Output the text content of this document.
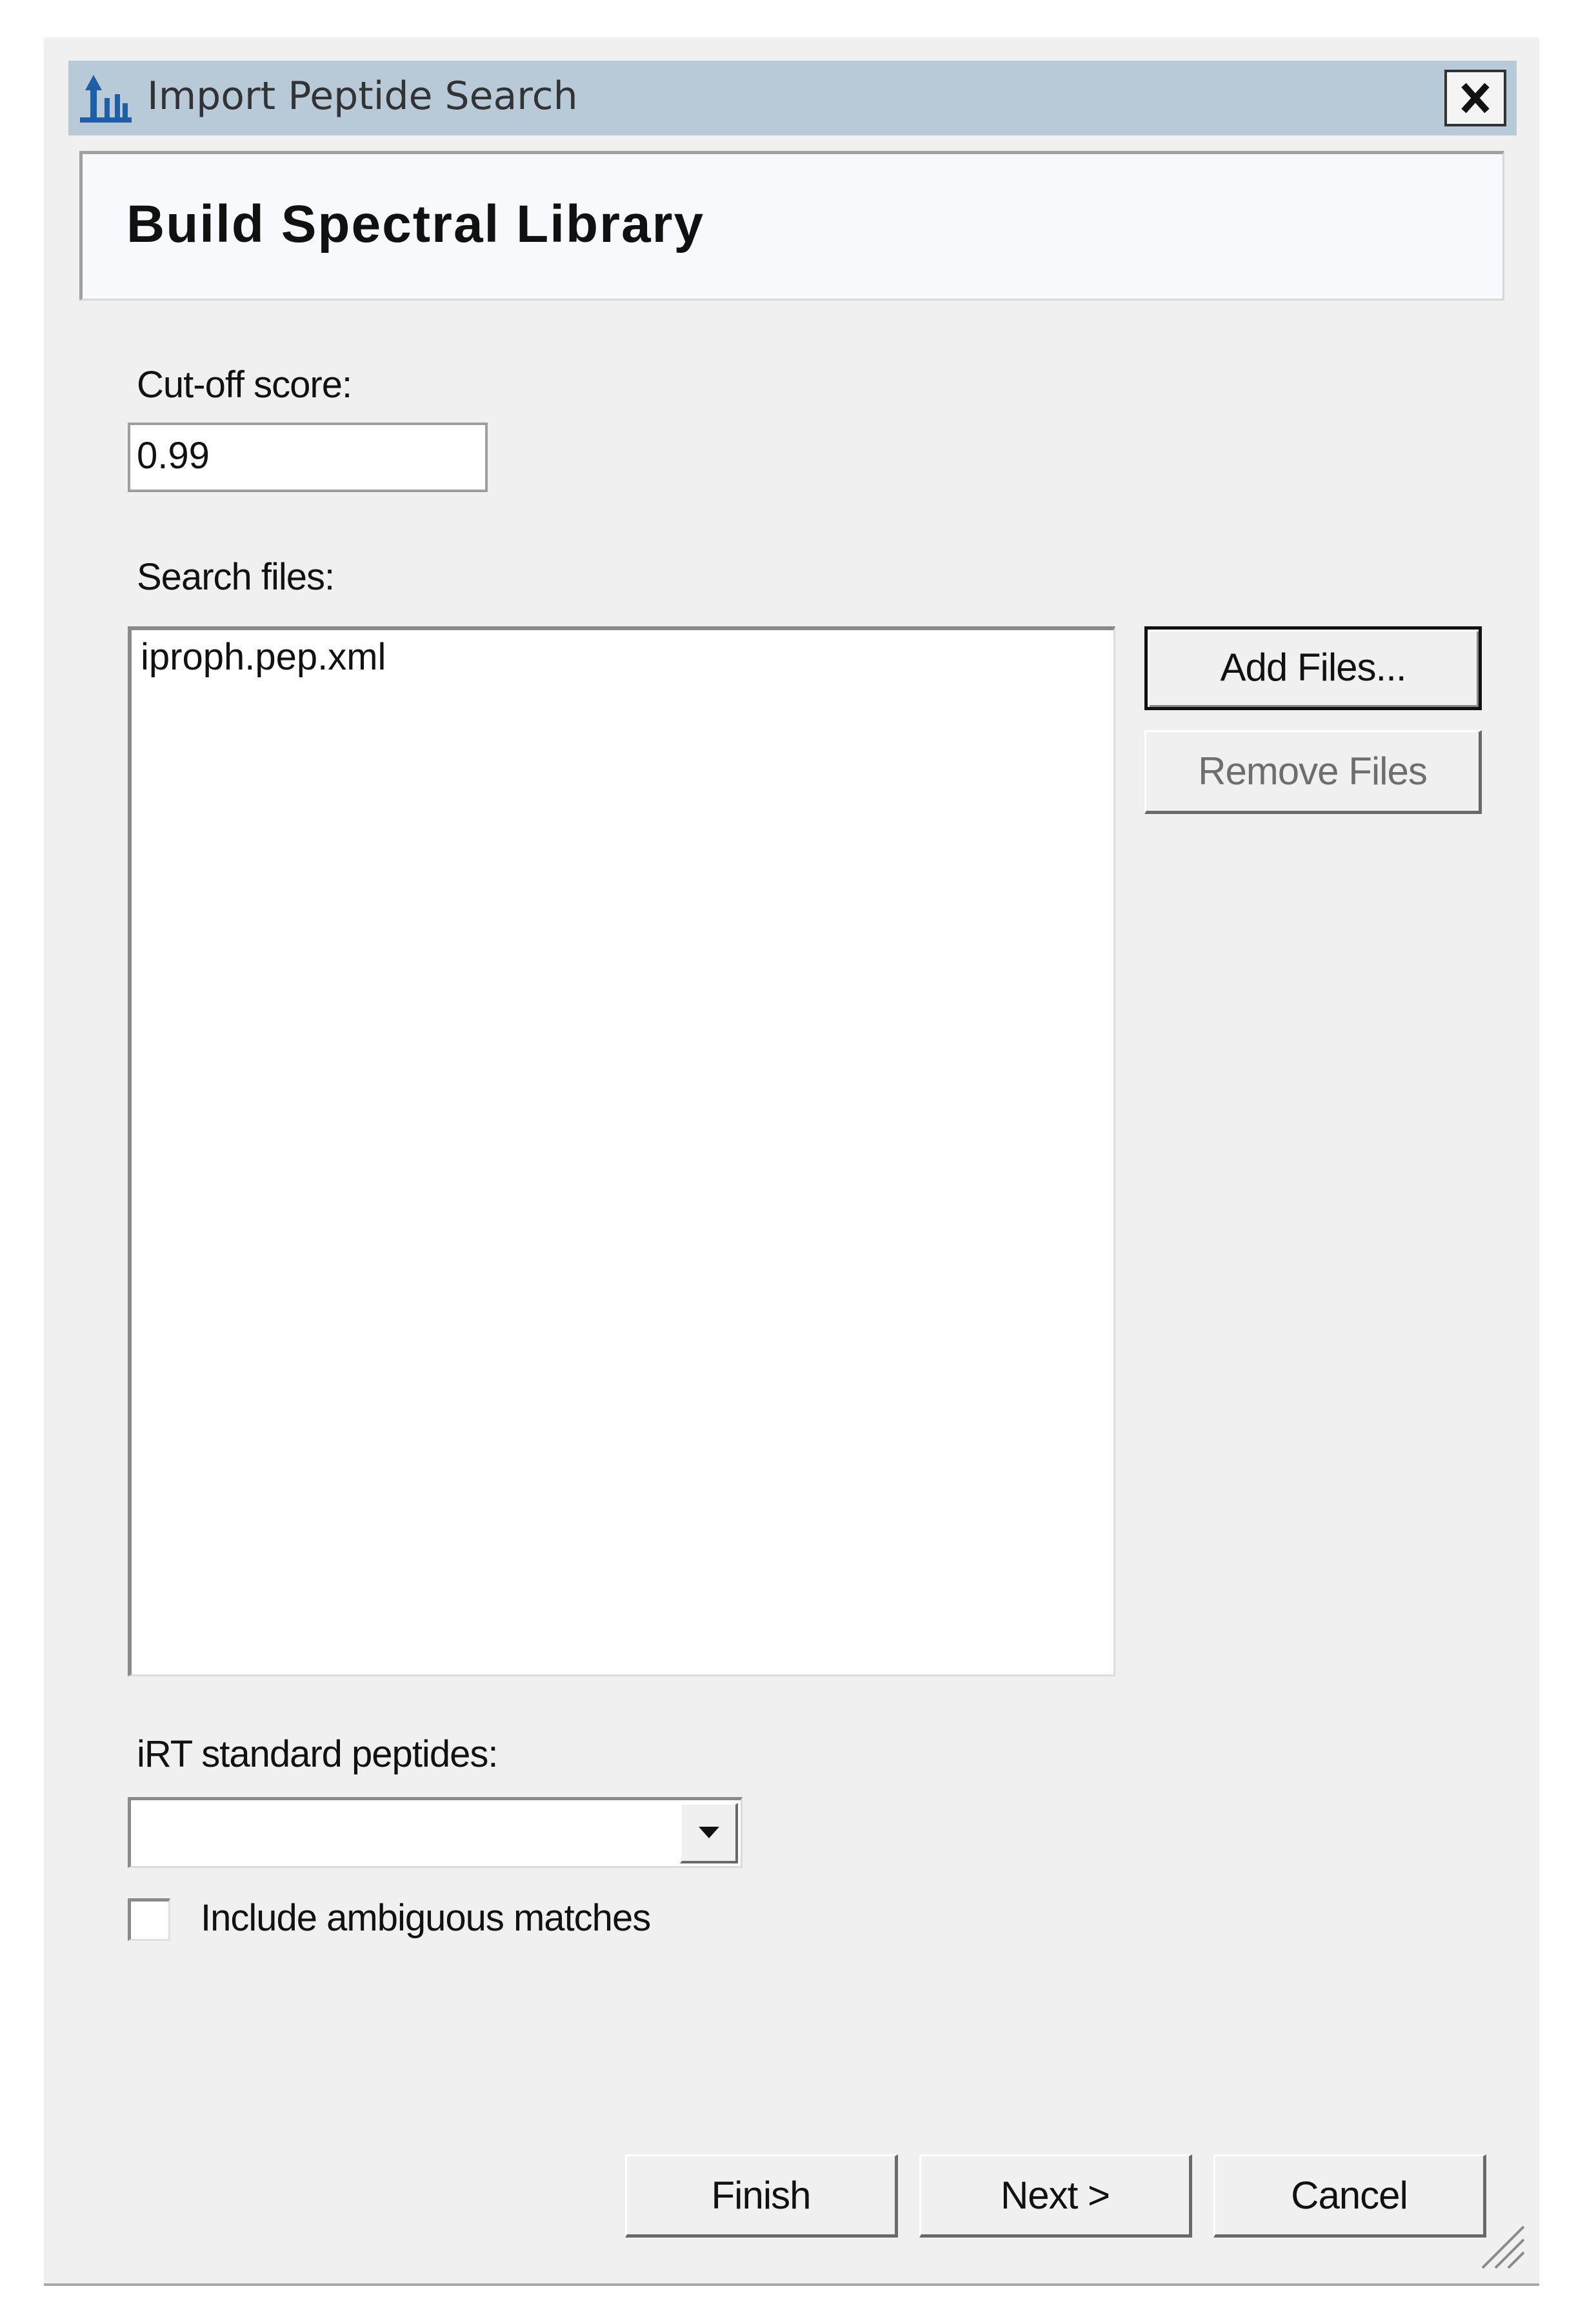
Import Peptide Search
Build Spectral Library
Cut-off score:
0.99
Search files:
iproph.pep.xml	Add Files...
Remove Files
iRT standard peptides:
Include ambiguous matches
Finish	Next >	Cancel
